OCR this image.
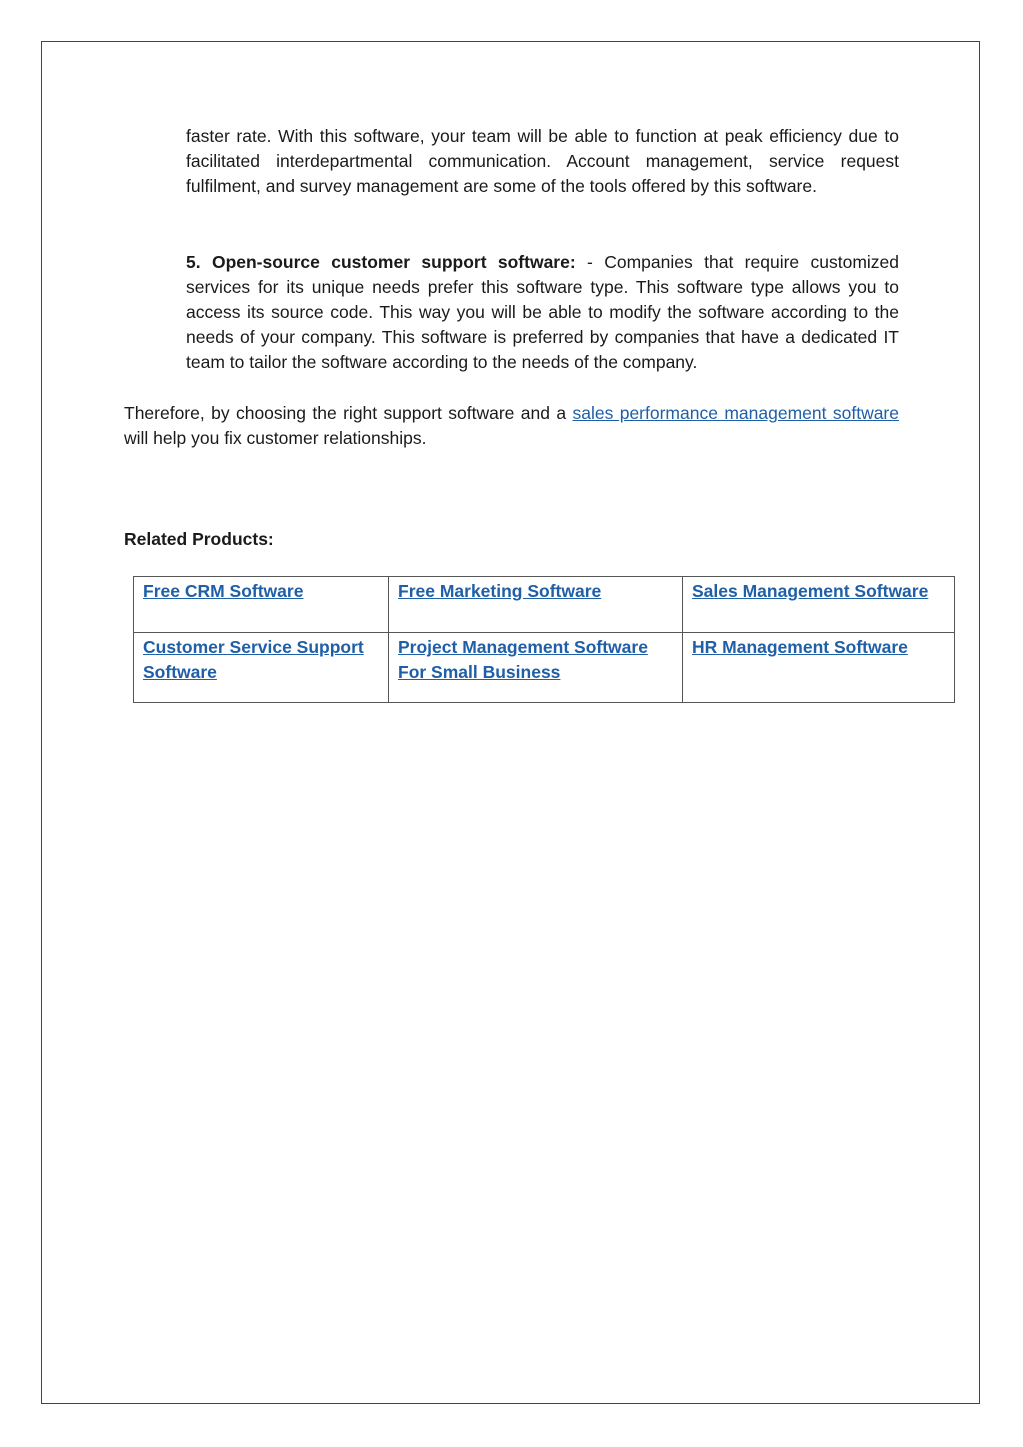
faster rate. With this software, your team will be able to function at peak efficiency due to facilitated interdepartmental communication. Account management, service request fulfilment, and survey management are some of the tools offered by this software.

5. Open-source customer support software: - Companies that require customized services for its unique needs prefer this software type. This software type allows you to access its source code. This way you will be able to modify the software according to the needs of your company. This software is preferred by companies that have a dedicated IT team to tailor the software according to the needs of the company.

Therefore, by choosing the right support software and a sales performance management software will help you fix customer relationships.

Related Products:
Free CRM Software	Free Marketing Software	Sales Management Software
Customer Service Support Software	Project Management Software For Small Business	HR Management Software
